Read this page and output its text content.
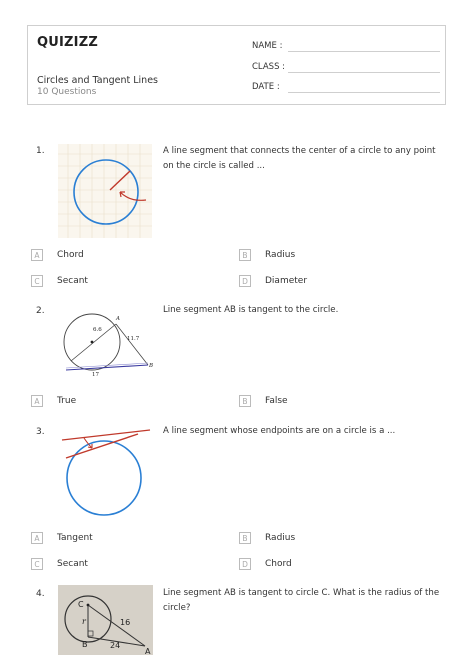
QUIZIZZ
Circles and Tangent Lines
10 Questions
NAME :
CLASS :
DATE :
1.	A line segment that connects the center of a circle to any point on the circle is called ...
A	Chord	B	Radius
C	Secant	D	Diameter
2.
A
B
6.6
11.7
17
Line segment AB is tangent to the circle.
A	True	B	False
3.	A line segment whose endpoints are on a circle is a ...
A	Tangent	B	Radius
C	Secant	D	Chord
4.
C
r
B
A
16
24
Line segment AB is tangent to circle C. What is the radius of the circle?
